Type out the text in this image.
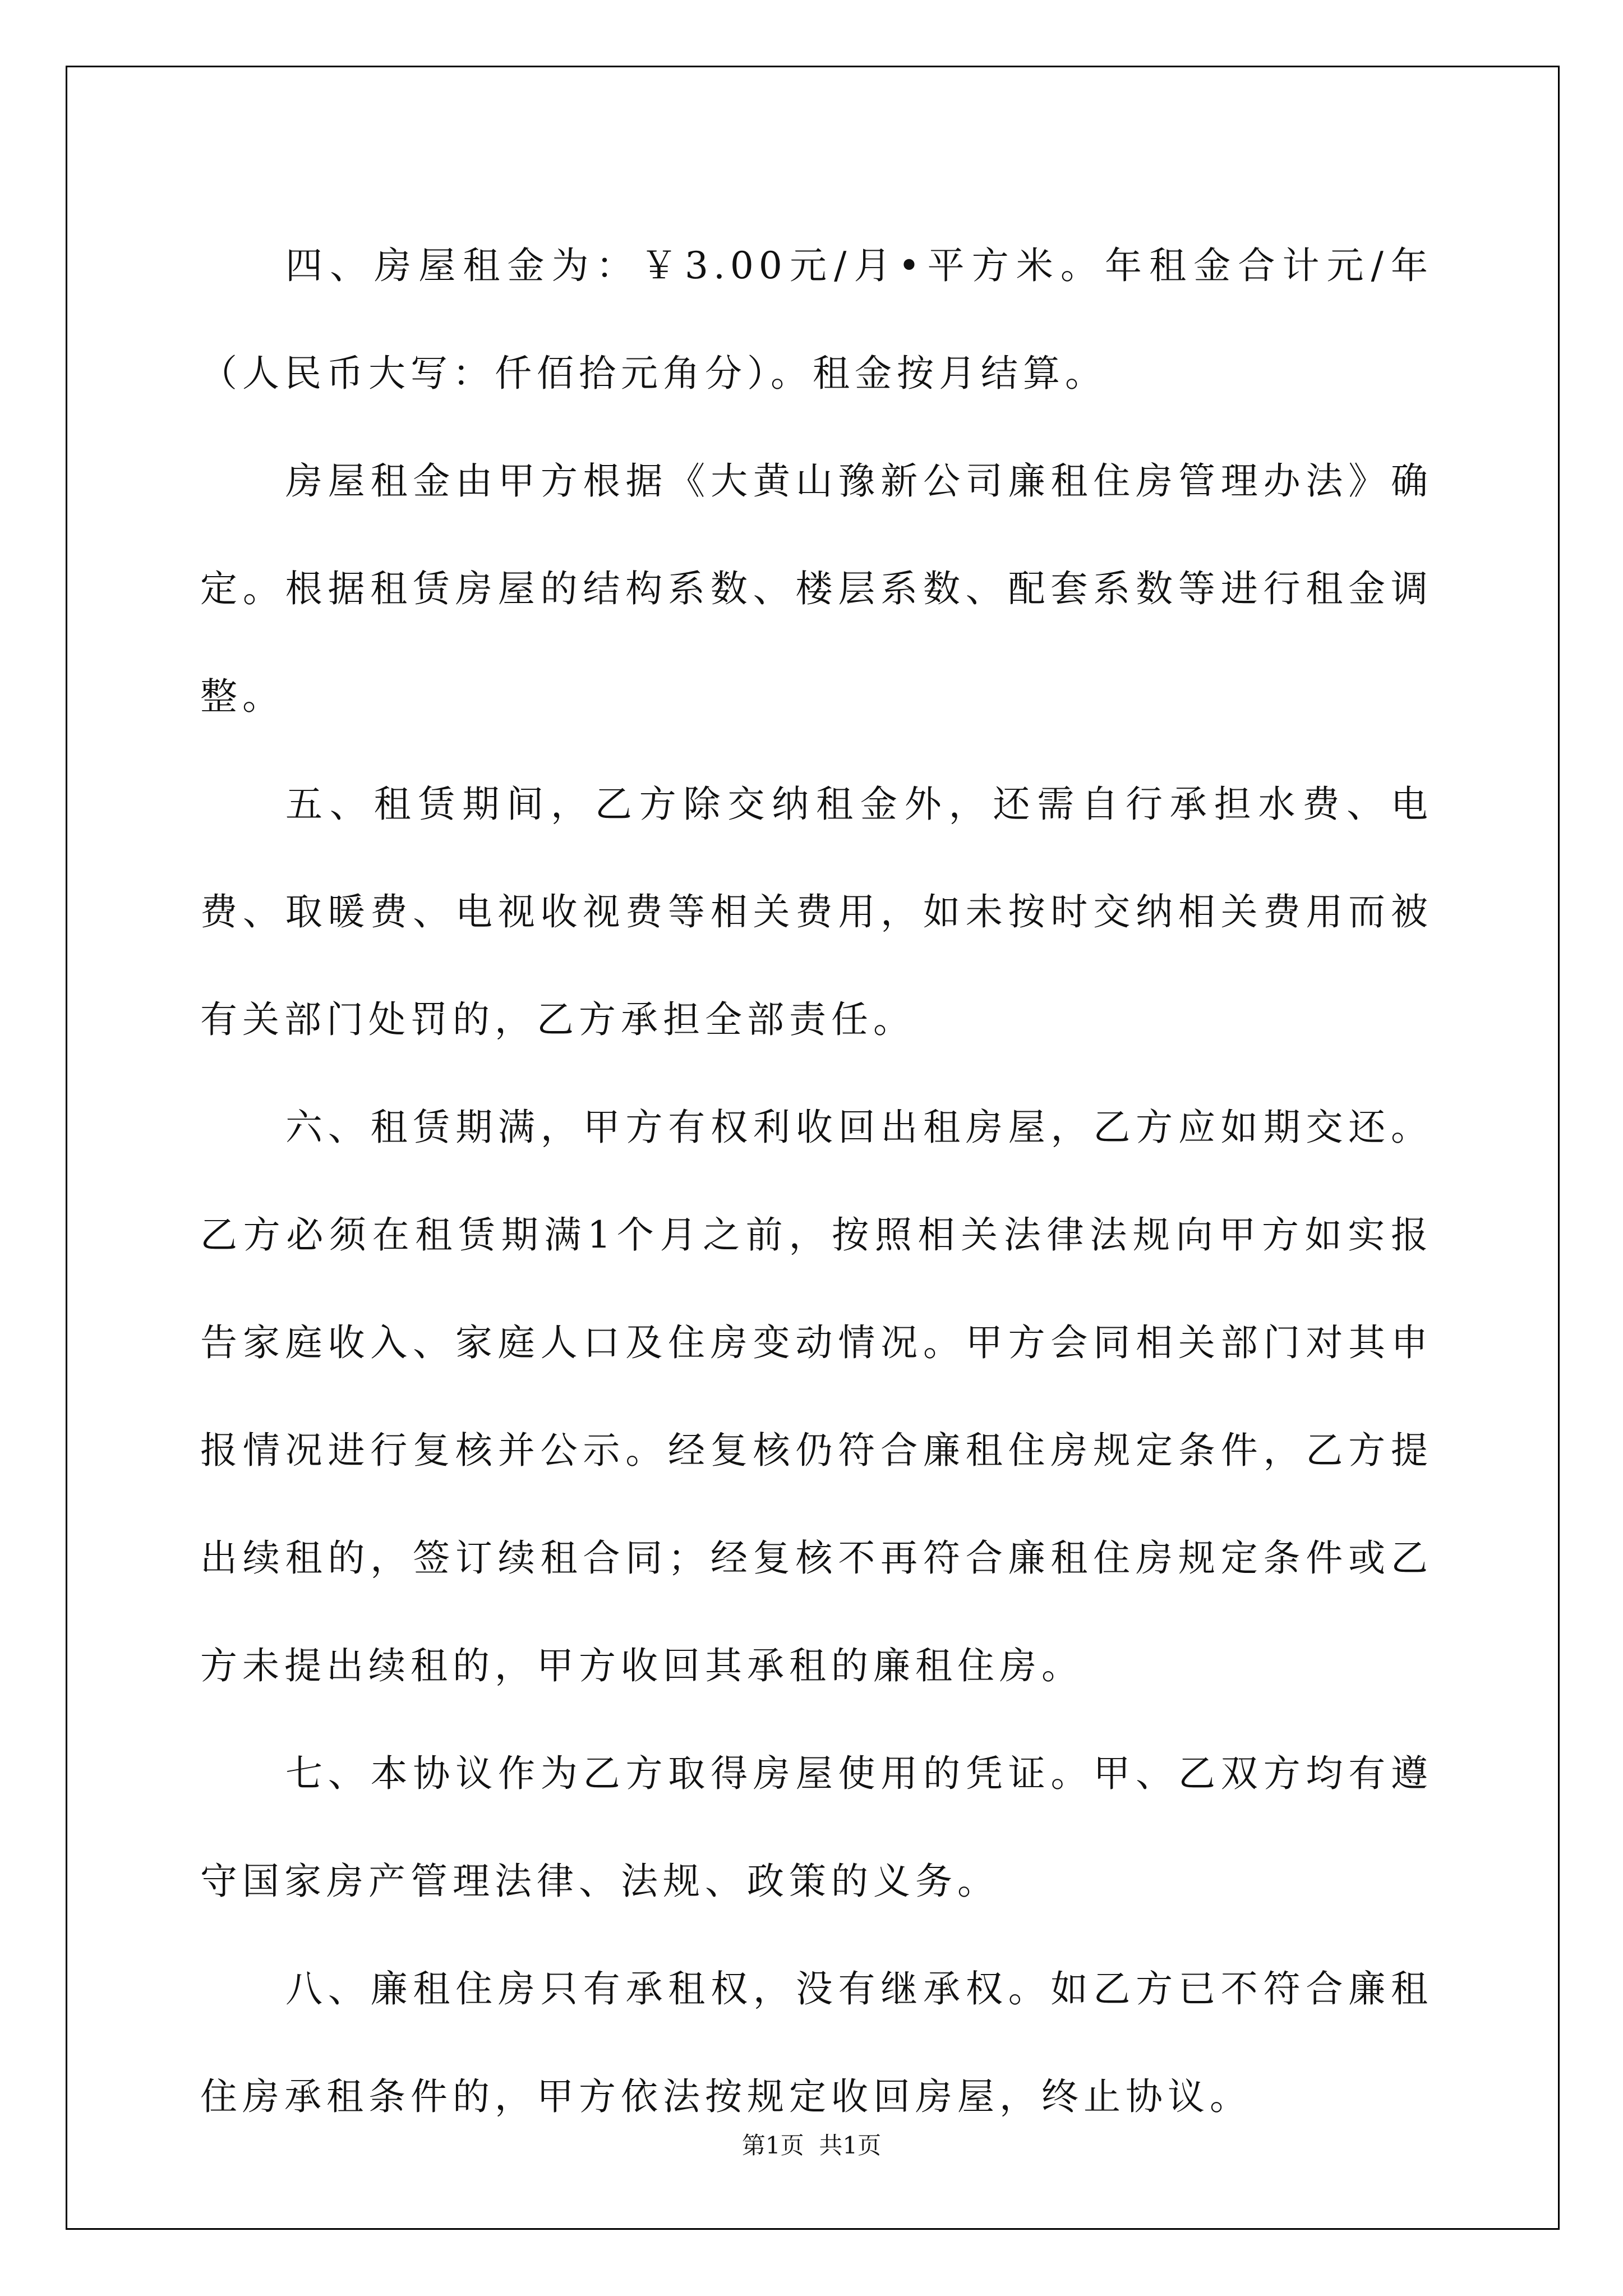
四、房屋租金为：￥3.00元/月•平方米。年租金合计元/年（人民币大写：仟佰拾元角分）。租金按月结算。

房屋租金由甲方根据《大黄山豫新公司廉租住房管理办法》确定。根据租赁房屋的结构系数、楼层系数、配套系数等进行租金调整。

五、租赁期间，乙方除交纳租金外，还需自行承担水费、电费、取暖费、电视收视费等相关费用，如未按时交纳相关费用而被有关部门处罚的，乙方承担全部责任。

六、租赁期满，甲方有权利收回出租房屋，乙方应如期交还。乙方必须在租赁期满1个月之前，按照相关法律法规向甲方如实报告家庭收入、家庭人口及住房变动情况。甲方会同相关部门对其申报情况进行复核并公示。经复核仍符合廉租住房规定条件，乙方提出续租的，签订续租合同；经复核不再符合廉租住房规定条件或乙方未提出续租的，甲方收回其承租的廉租住房。

七、本协议作为乙方取得房屋使用的凭证。甲、乙双方均有遵守国家房产管理法律、法规、政策的义务。

八、廉租住房只有承租权，没有继承权。如乙方已不符合廉租住房承租条件的，甲方依法按规定收回房屋，终止协议。

第1页  共1页
